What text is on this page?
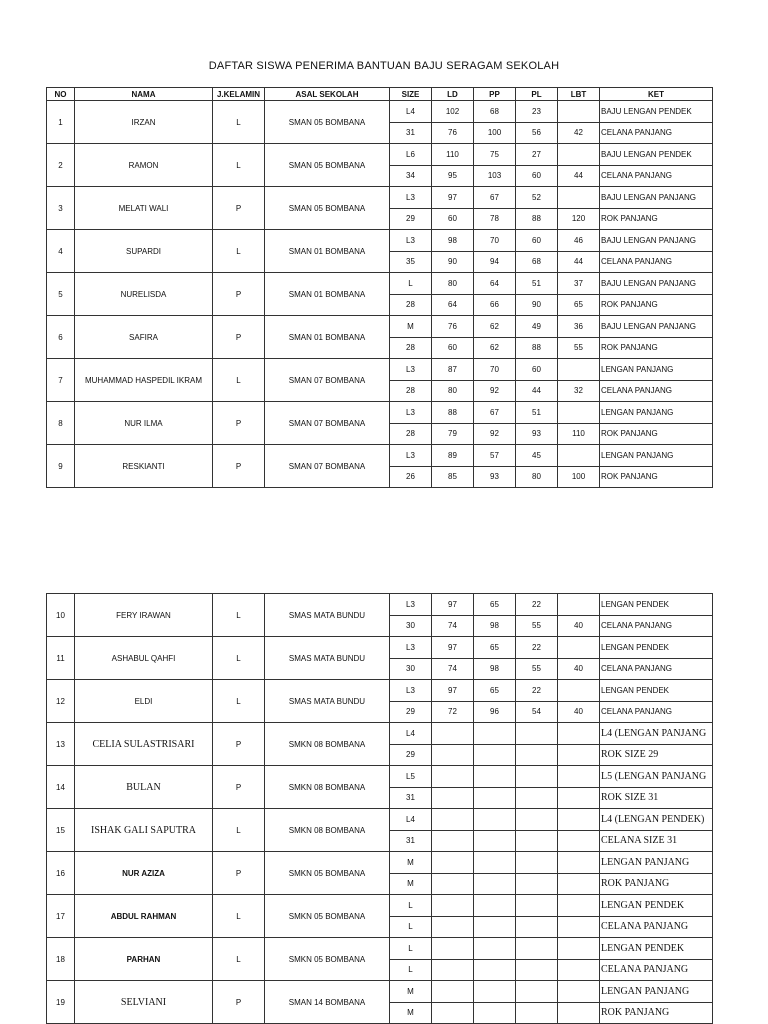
DAFTAR SISWA PENERIMA BANTUAN BAJU SERAGAM SEKOLAH
NO	NAMA	J.KELAMIN	ASAL SEKOLAH	SIZE	LD	PP	PL	LBT	KET
1	IRZAN	L	SMAN 05 BOMBANA	L4	102	68	23		BAJU LENGAN PENDEK
				31	76	100	56	42	CELANA PANJANG
2	RAMON	L	SMAN 05 BOMBANA	L6	110	75	27		BAJU LENGAN PENDEK
				34	95	103	60	44	CELANA PANJANG
3	MELATI WALI	P	SMAN 05 BOMBANA	L3	97	67	52		BAJU LENGAN PANJANG
				29	60	78	88	120	ROK PANJANG
4	SUPARDI	L	SMAN 01 BOMBANA	L3	98	70	60	46	BAJU LENGAN PANJANG
				35	90	94	68	44	CELANA PANJANG
5	NURELISDA	P	SMAN 01 BOMBANA	L	80	64	51	37	BAJU LENGAN PANJANG
				28	64	66	90	65	ROK PANJANG
6	SAFIRA	P	SMAN 01 BOMBANA	M	76	62	49	36	BAJU LENGAN PANJANG
				28	60	62	88	55	ROK PANJANG
7	MUHAMMAD HASPEDIL IKRAM	L	SMAN 07 BOMBANA	L3	87	70	60		LENGAN PANJANG
				28	80	92	44	32	CELANA PANJANG
8	NUR ILMA	P	SMAN 07 BOMBANA	L3	88	67	51		LENGAN PANJANG
				28	79	92	93	110	ROK PANJANG
9	RESKIANTI	P	SMAN 07 BOMBANA	L3	89	57	45		LENGAN PANJANG
				26	85	93	80	100	ROK PANJANG
10	FERY IRAWAN	L	SMAS MATA BUNDU	L3	97	65	22		LENGAN PENDEK
				30	74	98	55	40	CELANA PANJANG
11	ASHABUL QAHFI	L	SMAS MATA BUNDU	L3	97	65	22		LENGAN PENDEK
				30	74	98	55	40	CELANA PANJANG
12	ELDI	L	SMAS MATA BUNDU	L3	97	65	22		LENGAN PENDEK
				29	72	96	54	40	CELANA PANJANG
13	CELIA SULASTRISARI	P	SMKN 08 BOMBANA	L4					L4 (LENGAN PANJANG
				29					ROK SIZE 29
14	BULAN	P	SMKN 08 BOMBANA	L5					L5 (LENGAN PANJANG
				31					ROK SIZE 31
15	ISHAK GALI SAPUTRA	L	SMKN 08 BOMBANA	L4					L4 (LENGAN PENDEK)
				31					CELANA SIZE 31
16	NUR AZIZA	P	SMKN 05 BOMBANA	M					LENGAN PANJANG
				M					ROK PANJANG
17	ABDUL RAHMAN	L	SMKN 05 BOMBANA	L					LENGAN PENDEK
				L					CELANA PANJANG
18	PARHAN	L	SMKN 05 BOMBANA	L					LENGAN PENDEK
				L					CELANA PANJANG
19	SELVIANI	P	SMAN 14 BOMBANA	M					LENGAN PANJANG
				M					ROK PANJANG
